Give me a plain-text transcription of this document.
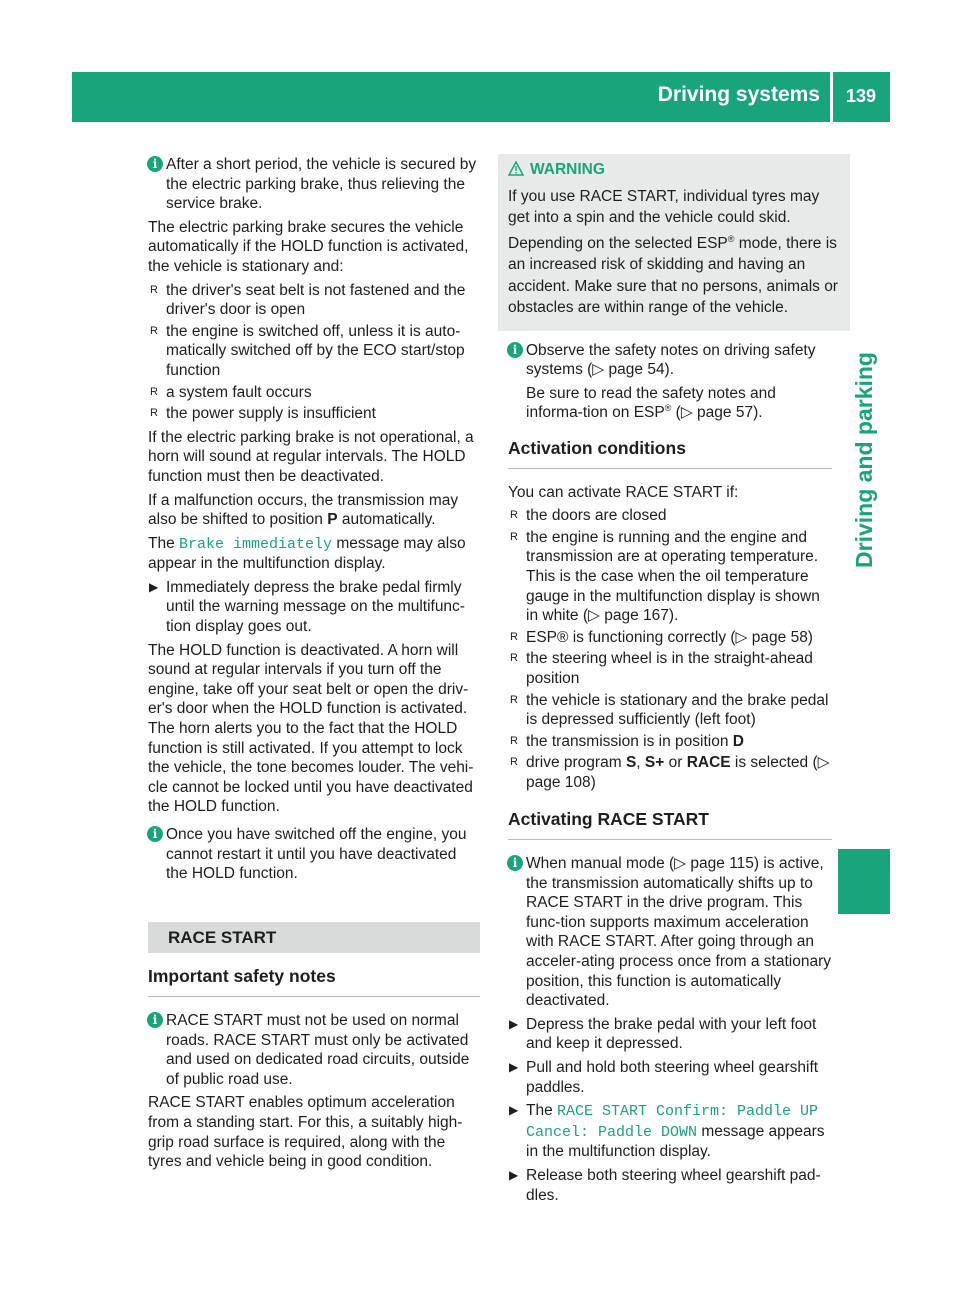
Driving systems 139
Driving and parking
i After a short period, the vehicle is secured by the electric parking brake, thus relieving the service brake.

The electric parking brake secures the vehicle automatically if the HOLD function is activated, the vehicle is stationary and:

R the driver's seat belt is not fastened and the driver's door is open
R the engine is switched off, unless it is auto-matically switched off by the ECO start/stop function
R a system fault occurs
R the power supply is insufficient

If the electric parking brake is not operational, a horn will sound at regular intervals. The HOLD function must then be deactivated.

If a malfunction occurs, the transmission may also be shifted to position P automatically.

The Brake immediately message may also appear in the multifunction display.

▶ Immediately depress the brake pedal firmly until the warning message on the multifunc-tion display goes out.

The HOLD function is deactivated. A horn will sound at regular intervals if you turn off the engine, take off your seat belt or open the driv-er's door when the HOLD function is activated. The horn alerts you to the fact that the HOLD function is still activated. If you attempt to lock the vehicle, the tone becomes louder. The vehi-cle cannot be locked until you have deactivated the HOLD function.

i Once you have switched off the engine, you cannot restart it until you have deactivated the HOLD function.
RACE START
Important safety notes
i RACE START must not be used on normal roads. RACE START must only be activated and used on dedicated road circuits, outside of public road use.

RACE START enables optimum acceleration from a standing start. For this, a suitably high-grip road surface is required, along with the tyres and vehicle being in good condition.

WARNING

If you use RACE START, individual tyres may get into a spin and the vehicle could skid.

Depending on the selected ESP® mode, there is an increased risk of skidding and having an accident. Make sure that no persons, animals or obstacles are within range of the vehicle.

i Observe the safety notes on driving safety systems (▷ page 54).

Be sure to read the safety notes and informa-tion on ESP® (▷ page 57).

Activation conditions

You can activate RACE START if:

R the doors are closed
R the engine is running and the engine and transmission are at operating temperature. This is the case when the oil temperature gauge in the multifunction display is shown in white (▷ page 167).
R ESP® is functioning correctly (▷ page 58)
R the steering wheel is in the straight-ahead position
R the vehicle is stationary and the brake pedal is depressed sufficiently (left foot)
R the transmission is in position D
R drive program S, S+ or RACE is selected (▷ page 108)
Activating RACE START
i When manual mode (▷ page 115) is active, the transmission automatically shifts up to RACE START in the drive program. This func-tion supports maximum acceleration with RACE START. After going through an acceler-ating process once from a stationary position, this function is automatically deactivated.
▶ Depress the brake pedal with your left foot and keep it depressed.
▶ Pull and hold both steering wheel gearshift paddles.
▶ The RACE START Confirm: Paddle UP
Cancel: Paddle DOWN message appears in the multifunction display.
▶ Release both steering wheel gearshift pad-dles.
